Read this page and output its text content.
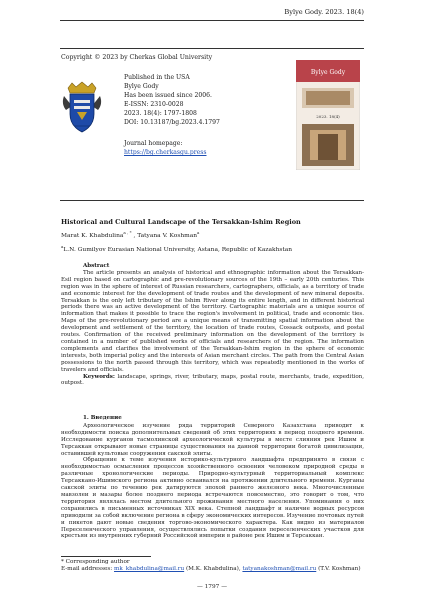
Bylye Gody. 2023. 18(4)
Copyright © 2023 by Cherkas Global University
Published in the USA
Bylye Gody
Has been issued since 2006.
E-ISSN: 2310-0028
2023. 18(4): 1797-1808
DOI: 10.13187/bg.2023.4.1797
Journal homepage:
https://bg.cherkasgu.press
Bylye Gody
2023. 18(4)
Historical and Cultural Landscape of the Tersakkan-Ishim Region
Marat K. Khabdulina$^{a , *}$ , Tatyana V. Koshman$^a$
$^a$L.N. Gumilyov Eurasian National University, Astana, Republic of Kazakhstan
Abstract

The article presents an analysis of historical and ethnographic information about the Tersakkan-Esil region based on cartographic and pre-revolutionary sources of the 19th – early 20th centuries. This region was in the sphere of interest of Russian researchers, cartographers, officials, as a territory of trade and economic interest for the development of trade routes and the development of new mineral deposits. Tersakkan is the only left tributary of the Ishim River along its entire length, and in different historical periods there was an active development of the territory. Cartographic materials are a unique source of information that makes it possible to trace the region's involvement in political, trade and economic ties. Maps of the pre-revolutionary period are a unique means of transmitting spatial information about the development and settlement of the territory, the location of trade routes, Cossack outposts, and postal routes. Confirmation of the received preliminary information on the development of the territory is contained in a number of published works of officials and researchers of the region. The information complements and clarifies the involvement of the Tersakkan-Ishim region in the sphere of economic interests, both imperial policy and the interests of Asian merchant circles. The path from the Central Asian possessions to the north passed through this territory, which was repeatedly mentioned in the works of travelers and officials.

Keywords: landscape, springs, river, tributary, maps, postal route, merchants, trade, expedition, outpost.

1. Введение

Археологическое изучение ряда территорий Северного Казахстана приводит к необходимости поиска дополнительных сведений об этих территориях в период позднего времени. Исследование курганов тасмолинской археологической культуры в месте слияния рек Ишим и Терсаккан открывают новые страницы существования на данной территории богатой цивилизации, оставившей культовые сооружения сакской элиты.

Обращение к теме изучения историко-культурного ландшафта предпринято в связи с необходимостью осмысления процессов хозяйственного освоения человеком природной среды в различные хронологические периоды. Природно-культурный территориальный комплекс Терсаккано-Ишимского региона активно осваивался на протяжении длительного времени. Курганы сакской элиты по течению рек датируются эпохой раннего железного века. Многочисленные мавзолеи и мазары более позднего периода встречаются повсеместно, это говорит о том, что территория являлась местом длительного проживания местного населения. Упоминания о них сохранились в письменных источниках XIX века. Степной ландшафт и наличие водных ресурсов приводили за собой включение региона в сферу экономических интересов. Изучение почтовых путей и пикетов дают новые сведения торгово-экономического характера. Как видно из материалов Переселенческого управления, осуществлялись попытки создания переселенческих участков для крестьян из внутренних губерний Российской империи в районе рек Ишим и Терсаккан.

* Corresponding author
E-mail addresses: mk_khabdulina@mail.ru (M.K. Khabdulina), tatyanakoshman@mail.ru (T.V. Koshman)
— 1797 —
